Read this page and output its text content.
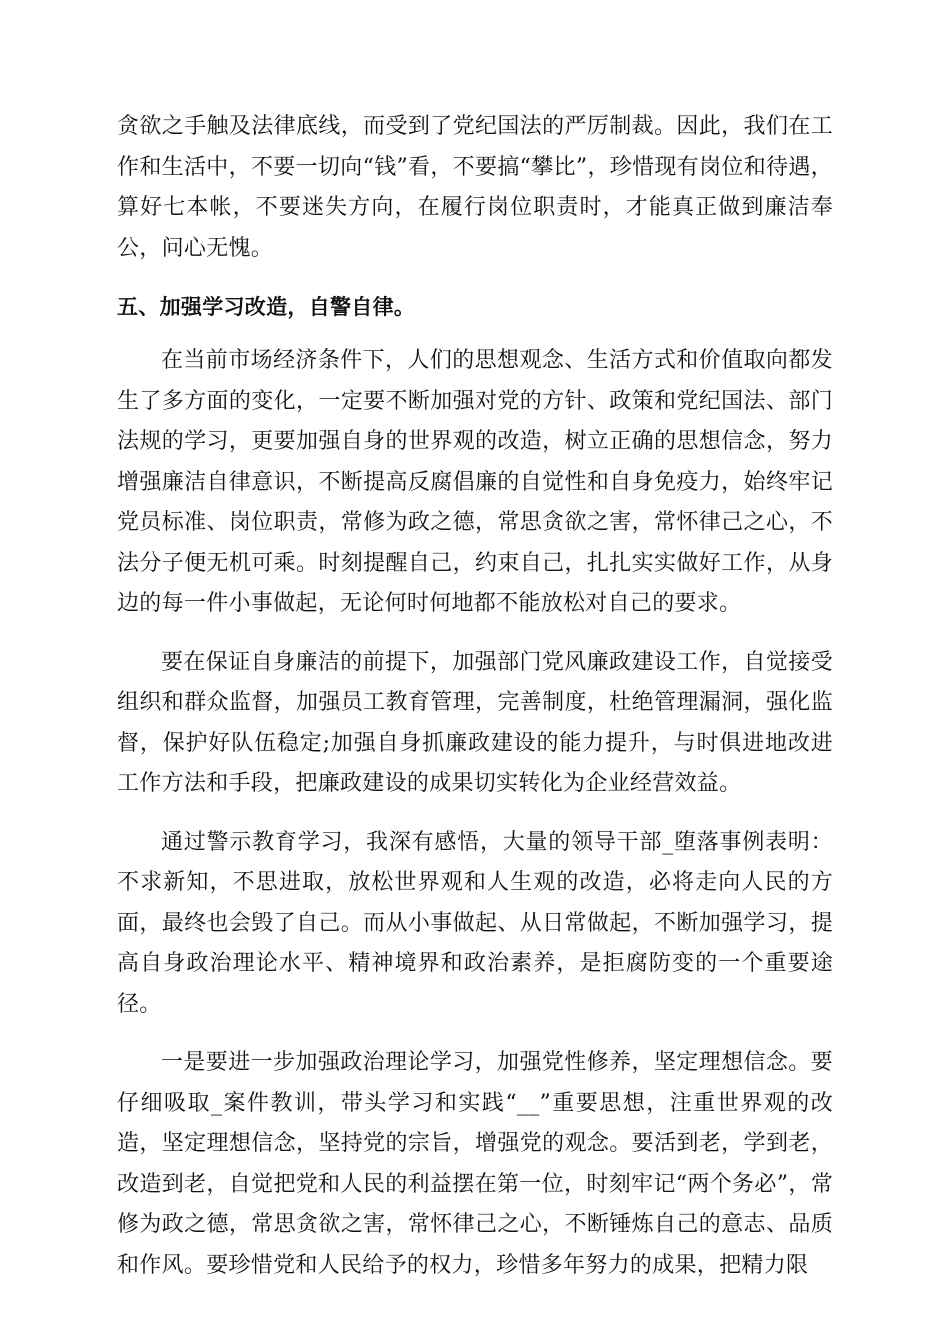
贪欲之手触及法律底线，而受到了党纪国法的严厉制裁。因此，我们在工作和生活中，不要一切向“钱”看，不要搞“攀比”，珍惜现有岗位和待遇，算好七本帐，不要迷失方向，在履行岗位职责时，才能真正做到廉洁奉公，问心无愧。

五、加强学习改造，自警自律。

在当前市场经济条件下，人们的思想观念、生活方式和价值取向都发生了多方面的变化，一定要不断加强对党的方针、政策和党纪国法、部门法规的学习，更要加强自身的世界观的改造，树立正确的思想信念，努力增强廉洁自律意识，不断提高反腐倡廉的自觉性和自身免疫力，始终牢记党员标准、岗位职责，常修为政之德，常思贪欲之害，常怀律己之心，不法分子便无机可乘。时刻提醒自己，约束自己，扎扎实实做好工作，从身边的每一件小事做起，无论何时何地都不能放松对自己的要求。

要在保证自身廉洁的前提下，加强部门党风廉政建设工作，自觉接受组织和群众监督，加强员工教育管理，完善制度，杜绝管理漏洞，强化监督，保护好队伍稳定;加强自身抓廉政建设的能力提升，与时俱进地改进工作方法和手段，把廉政建设的成果切实转化为企业经营效益。

通过警示教育学习，我深有感悟，大量的领导干部_堕落事例表明：不求新知，不思进取，放松世界观和人生观的改造，必将走向人民的方面，最终也会毁了自己。而从小事做起、从日常做起，不断加强学习，提高自身政治理论水平、精神境界和政治素养，是拒腐防变的一个重要途径。

一是要进一步加强政治理论学习，加强党性修养，坚定理想信念。要仔细吸取_案件教训，带头学习和实践“__”重要思想，注重世界观的改造，坚定理想信念，坚持党的宗旨，增强党的观念。要活到老，学到老，改造到老，自觉把党和人民的利益摆在第一位，时刻牢记“两个务必”，常修为政之德，常思贪欲之害，常怀律己之心，不断锤炼自己的意志、品质和作风。要珍惜党和人民给予的权力，珍惜多年努力的成果，把精力限
